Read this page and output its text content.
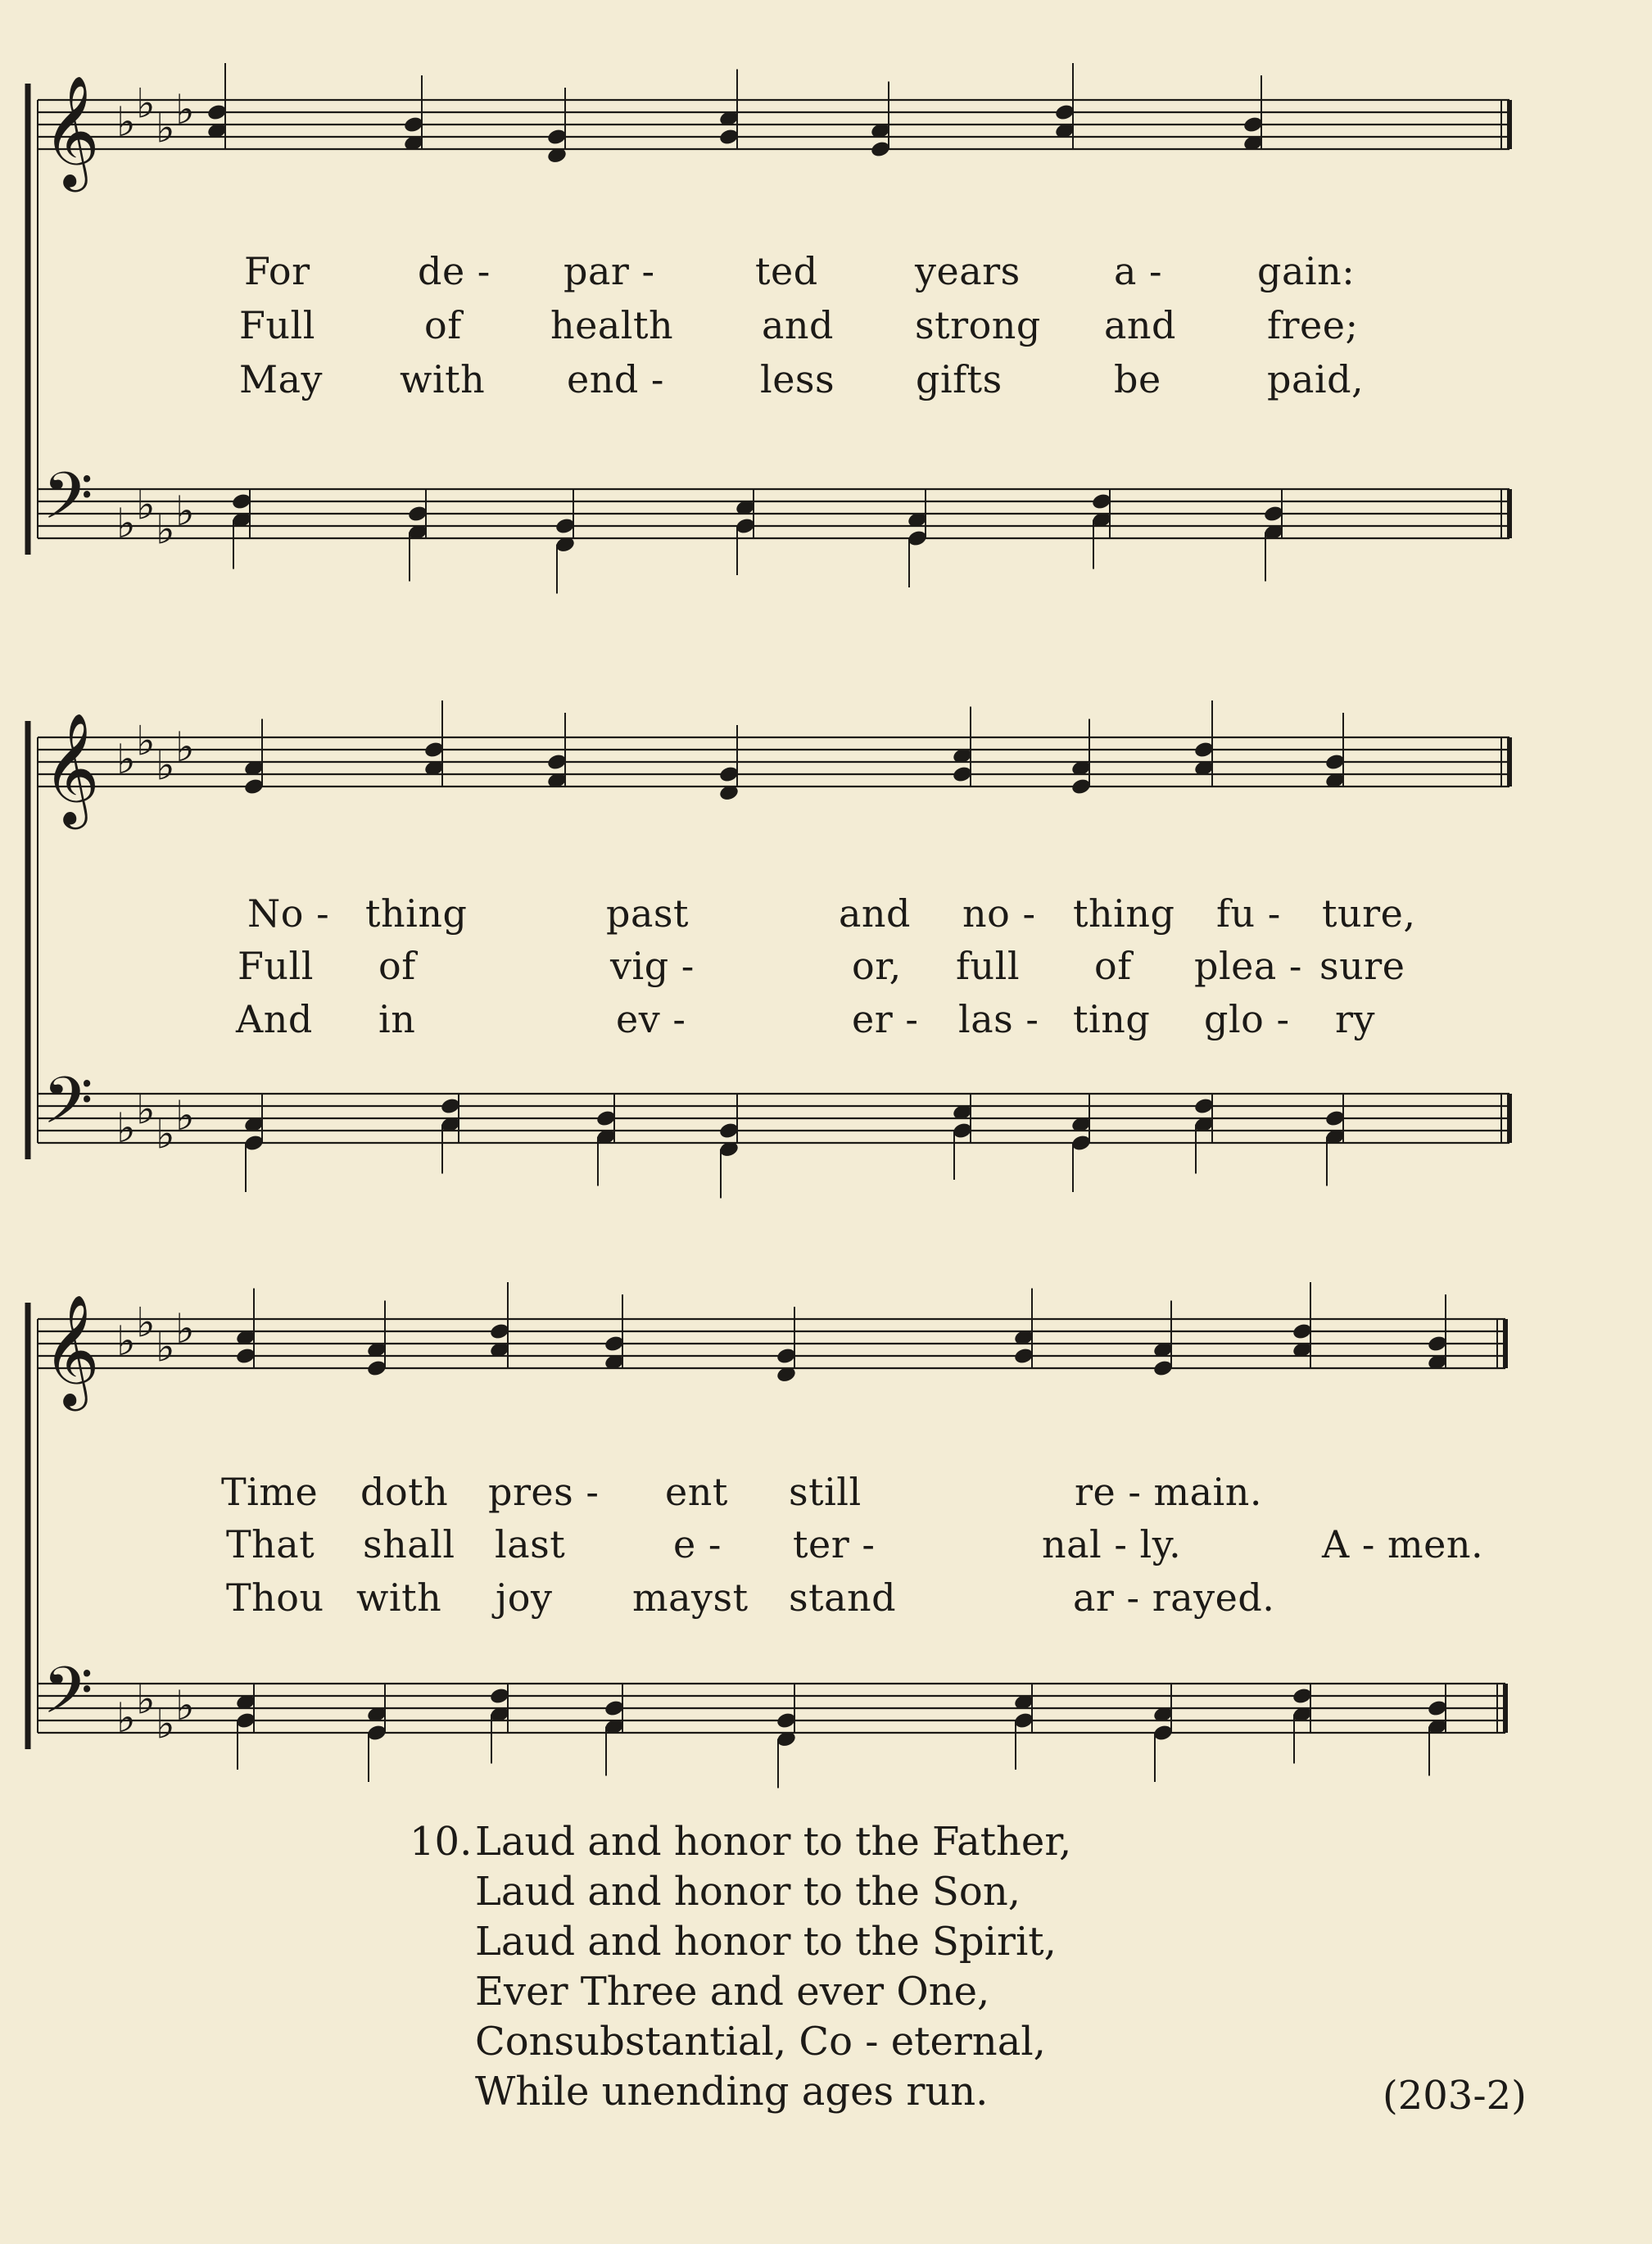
𝄞 ♭ ♭
♭ ♭
𝄢 ♭ ♭
♭ ♭
𝄞 ♭ ♭
♭ ♭
𝄢 ♭ ♭
♭ ♭
𝄞 ♭ ♭
♭ ♭
𝄢 ♭ ♭
♭ ♭
For	de - par -	ted	years a -	gain:
Full	of health and strong and free;
May with end -	less gifts	be	paid,
No - thing	past	and no - thing fu - ture,
Full of	vig -	or, full of plea - sure
And in	ev -	er - las - ting glo - ry
Time doth pres - ent still	re - main.
That shall last	e - ter -	nal - ly.	A - men.
Thou with joy mayst stand	ar - rayed.
10. Laud and honor to the Father,
Laud and honor to the Son,
Laud and honor to the Spirit,
Ever Three and ever One,
Consubstantial, Co - eternal,
While unending ages run.	(203-2)
